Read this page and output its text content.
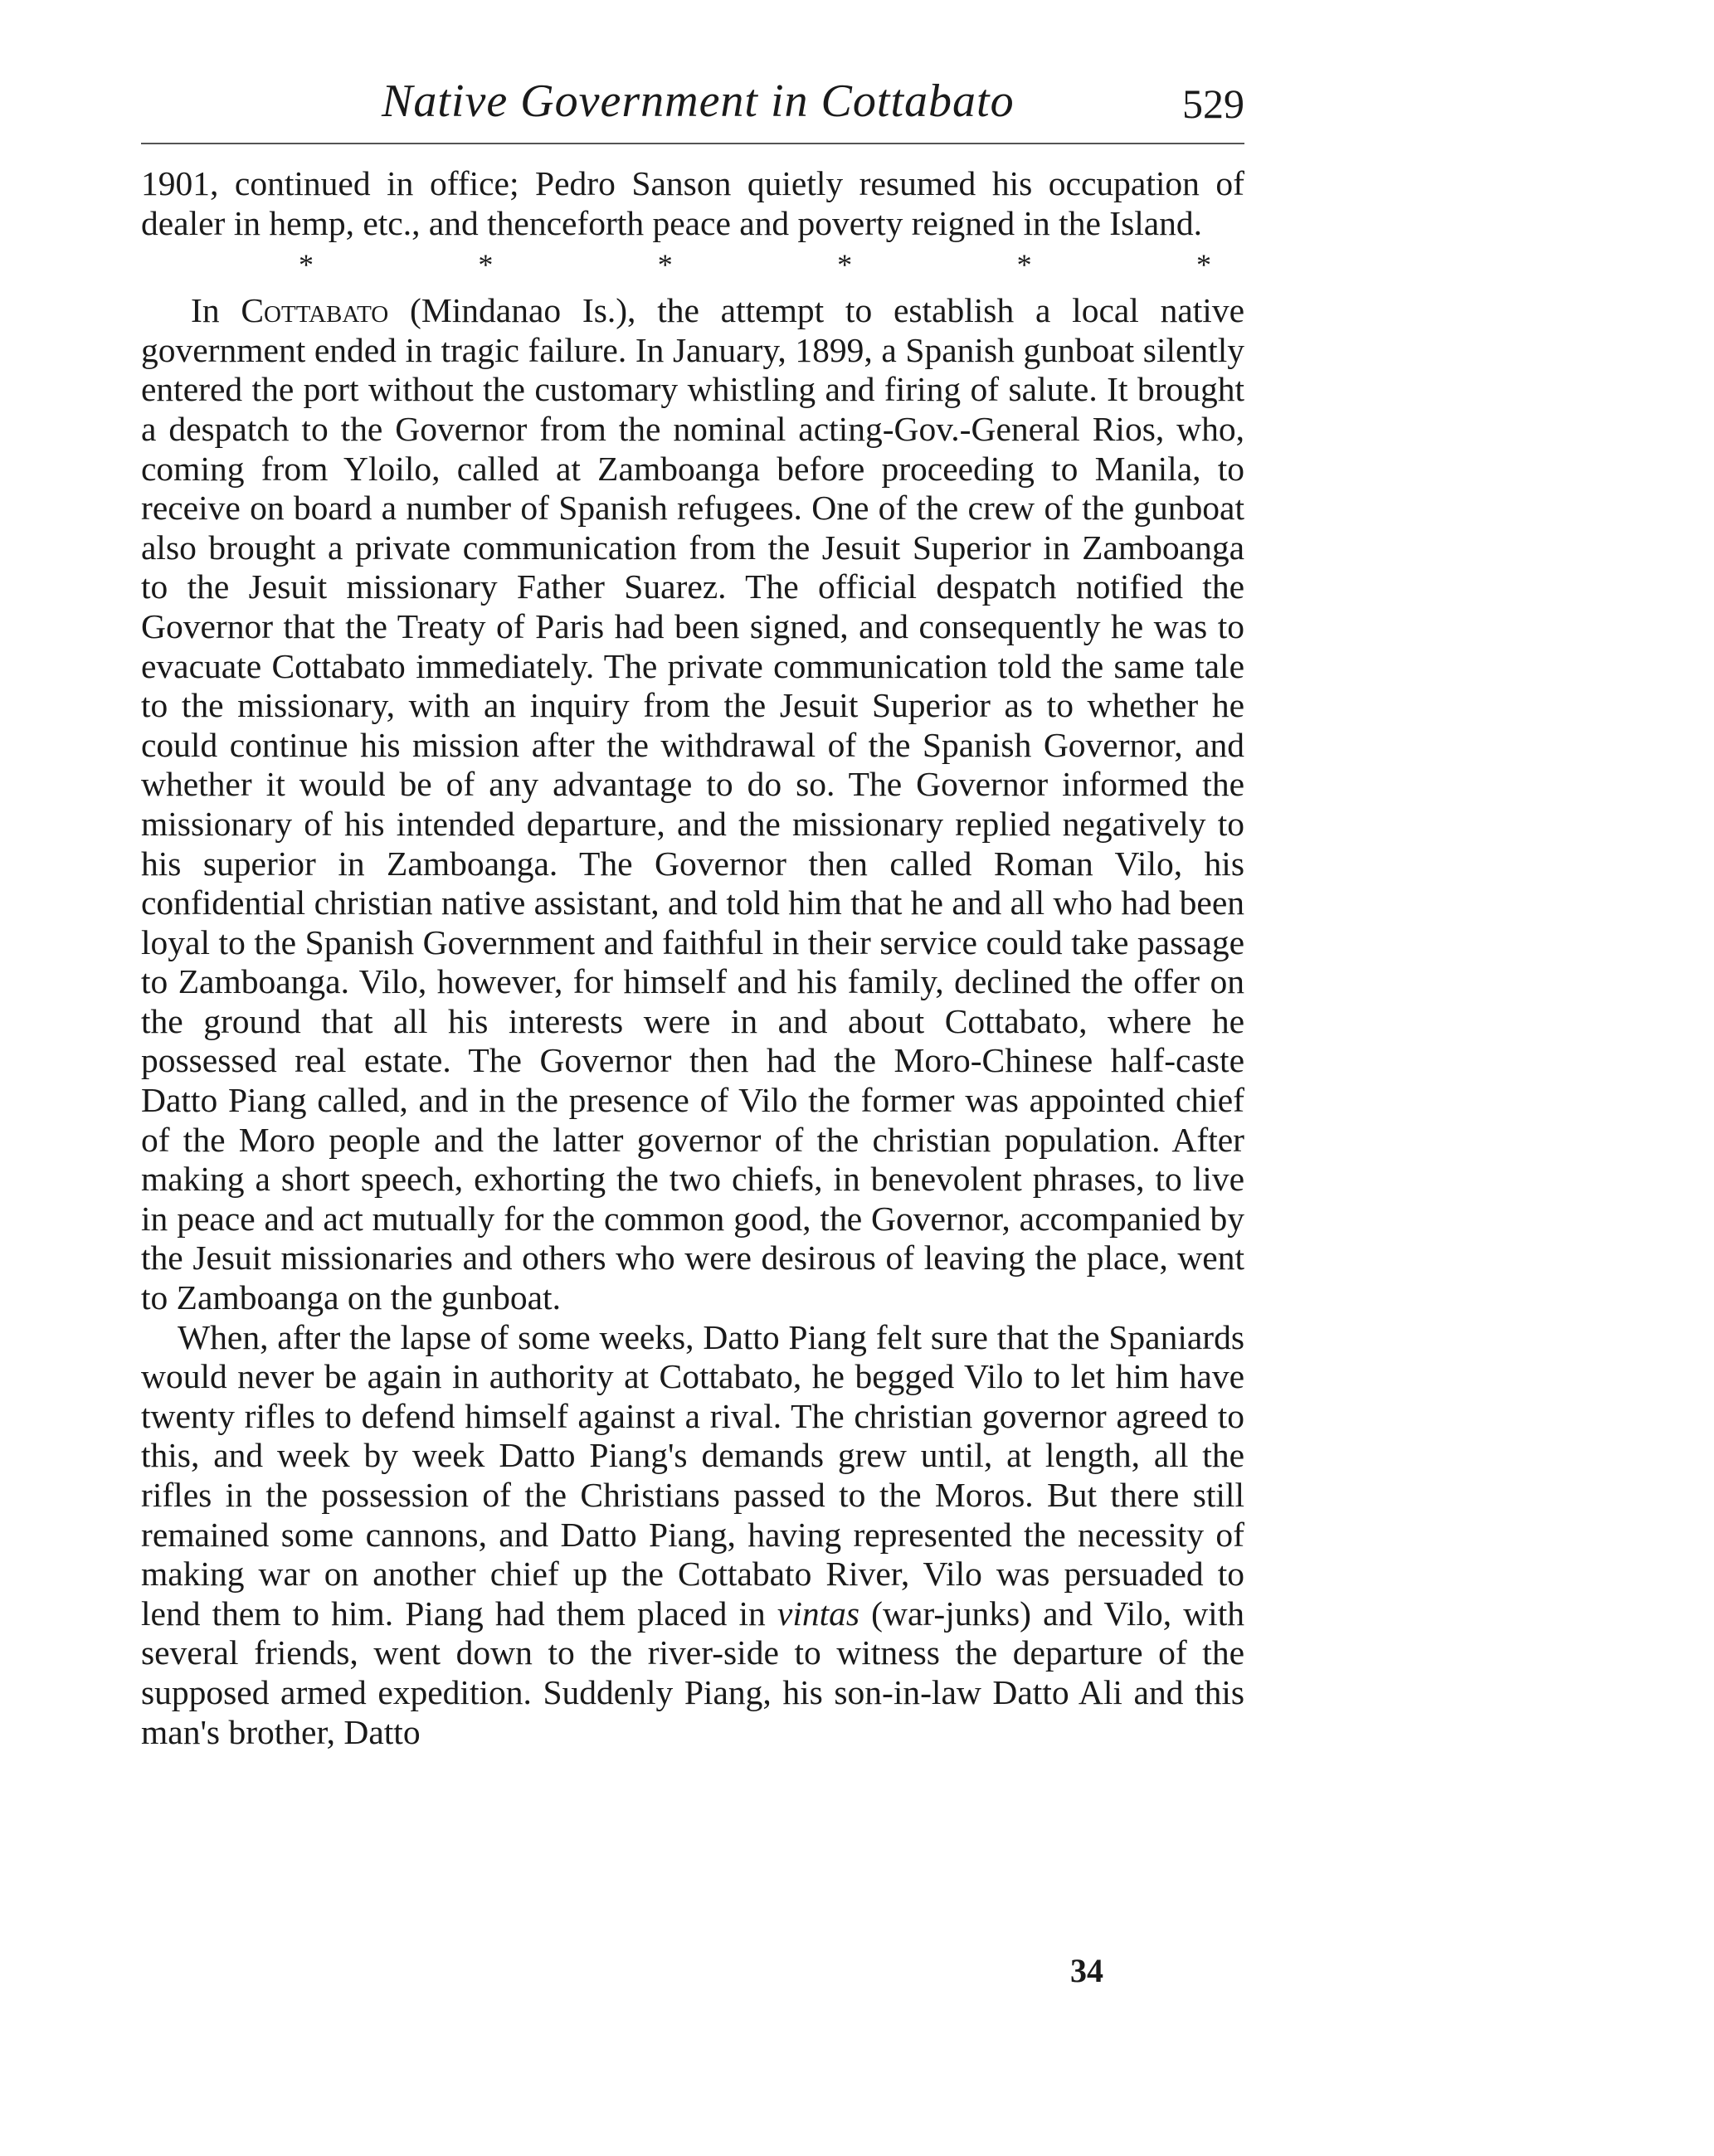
Native Government in Cottabato	529

1901, continued in office; Pedro Sanson quietly resumed his occupation of dealer in hemp, etc., and thenceforth peace and poverty reigned in the Island.

*	*	*	*	*	*

In Cottabato (Mindanao Is.), the attempt to establish a local native government ended in tragic failure. In January, 1899, a Spanish gunboat silently entered the port without the customary whistling and firing of salute. It brought a despatch to the Governor from the nominal acting-Gov.-General Rios, who, coming from Yloilo, called at Zamboanga before proceeding to Manila, to receive on board a number of Spanish refugees. One of the crew of the gunboat also brought a private communication from the Jesuit Superior in Zamboanga to the Jesuit missionary Father Suarez. The official despatch notified the Governor that the Treaty of Paris had been signed, and consequently he was to evacuate Cottabato immediately. The private communication told the same tale to the missionary, with an inquiry from the Jesuit Superior as to whether he could continue his mission after the withdrawal of the Spanish Governor, and whether it would be of any advantage to do so. The Governor informed the missionary of his intended departure, and the missionary replied negatively to his superior in Zamboanga. The Governor then called Roman Vilo, his confidential christian native assistant, and told him that he and all who had been loyal to the Spanish Government and faithful in their service could take passage to Zamboanga. Vilo, however, for himself and his family, declined the offer on the ground that all his interests were in and about Cottabato, where he possessed real estate. The Governor then had the Moro-Chinese half-caste Datto Piang called, and in the presence of Vilo the former was appointed chief of the Moro people and the latter governor of the christian population. After making a short speech, exhorting the two chiefs, in benevolent phrases, to live in peace and act mutually for the common good, the Governor, accompanied by the Jesuit missionaries and others who were desirous of leaving the place, went to Zamboanga on the gunboat.

When, after the lapse of some weeks, Datto Piang felt sure that the Spaniards would never be again in authority at Cottabato, he begged Vilo to let him have twenty rifles to defend himself against a rival. The christian governor agreed to this, and week by week Datto Piang's demands grew until, at length, all the rifles in the possession of the Christians passed to the Moros. But there still remained some cannons, and Datto Piang, having represented the necessity of making war on another chief up the Cottabato River, Vilo was persuaded to lend them to him. Piang had them placed in vintas (war-junks) and Vilo, with several friends, went down to the river-side to witness the departure of the supposed armed expedition. Suddenly Piang, his son-in-law Datto Ali and this man's brother, Datto

34
